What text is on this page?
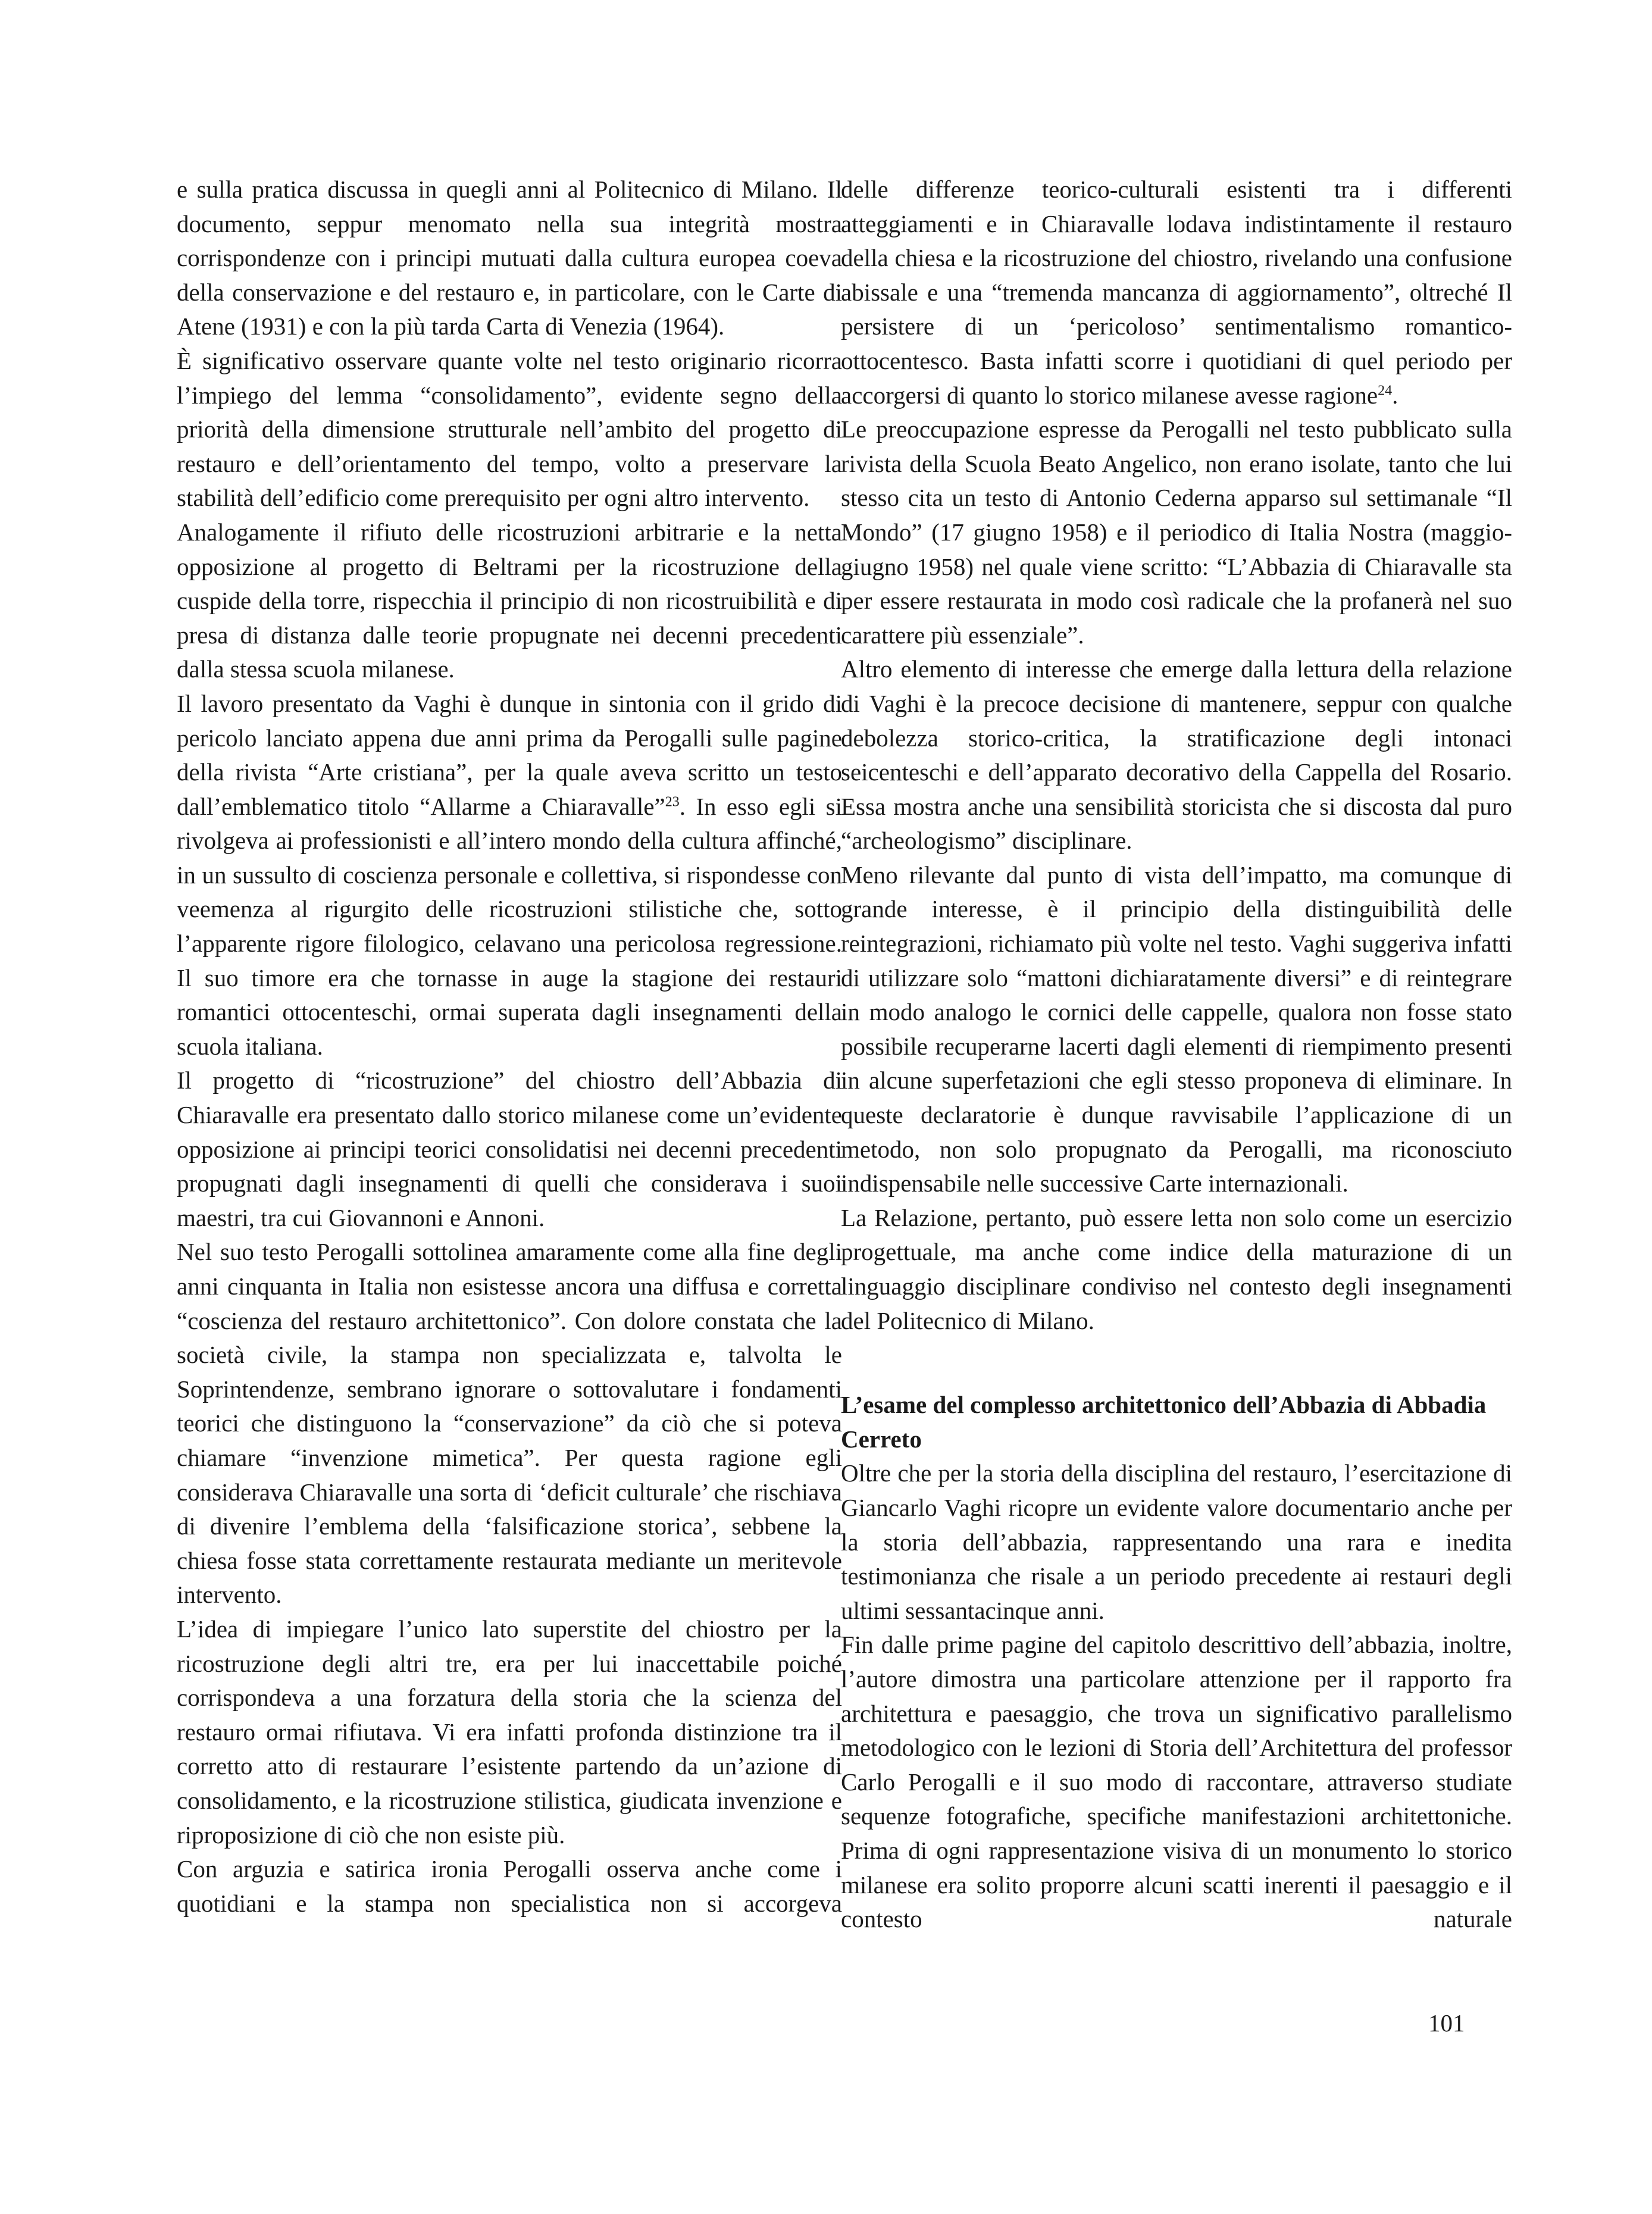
e sulla pratica discussa in quegli anni al Politecnico di Milano. Il documento, seppur menomato nella sua integrità mostra corrispondenze con i principi mutuati dalla cultura europea coeva della conservazione e del restauro e, in particolare, con le Carte di Atene (1931) e con la più tarda Carta di Venezia (1964).

È significativo osservare quante volte nel testo originario ricorra l’impiego del lemma “consolidamento”, evidente segno della priorità della dimensione strutturale nell’ambito del progetto di restauro e dell’orientamento del tempo, volto a preservare la stabilità dell’edificio come prerequisito per ogni altro intervento.

Analogamente il rifiuto delle ricostruzioni arbitrarie e la netta opposizione al progetto di Beltrami per la ricostruzione della cuspide della torre, rispecchia il principio di non ricostruibilità e di presa di distanza dalle teorie propugnate nei decenni precedenti dalla stessa scuola milanese.

Il lavoro presentato da Vaghi è dunque in sintonia con il grido di pericolo lanciato appena due anni prima da Perogalli sulle pagine della rivista “Arte cristiana”, per la quale aveva scritto un testo dall’emblematico titolo “Allarme a Chiaravalle”$^{23}$. In esso egli si rivolgeva ai professionisti e all’intero mondo della cultura affinché, in un sussulto di coscienza personale e collettiva, si rispondesse con veemenza al rigurgito delle ricostruzioni stilistiche che, sotto l’apparente rigore filologico, celavano una pericolosa regressione. Il suo timore era che tornasse in auge la stagione dei restauri romantici ottocenteschi, ormai superata dagli insegnamenti della scuola italiana.

Il progetto di “ricostruzione” del chiostro dell’Abbazia di Chiaravalle era presentato dallo storico milanese come un’evidente opposizione ai principi teorici consolidatisi nei decenni precedenti propugnati dagli insegnamenti di quelli che considerava i suoi maestri, tra cui Giovannoni e Annoni.

Nel suo testo Perogalli sottolinea amaramente come alla fine degli anni cinquanta in Italia non esistesse ancora una diffusa e corretta “coscienza del restauro architettonico”. Con dolore constata che la società civile, la stampa non specializzata e, talvolta le Soprintendenze, sembrano ignorare o sottovalutare i fondamenti teorici che distinguono la “conservazione” da ciò che si poteva chiamare “invenzione mimetica”. Per questa ragione egli considerava Chiaravalle una sorta di ‘deficit culturale’ che rischiava di divenire l’emblema della ‘falsificazione storica’, sebbene la chiesa fosse stata correttamente restaurata mediante un meritevole intervento.

L’idea di impiegare l’unico lato superstite del chiostro per la ricostruzione degli altri tre, era per lui inaccettabile poiché corrispondeva a una forzatura della storia che la scienza del restauro ormai rifiutava. Vi era infatti profonda distinzione tra il corretto atto di restaurare l’esistente partendo da un’azione di consolidamento, e la ricostruzione stilistica, giudicata invenzione e riproposizione di ciò che non esiste più.

Con arguzia e satirica ironia Perogalli osserva anche come i quotidiani e la stampa non specialistica non si accorgeva

delle differenze teorico-culturali esistenti tra i differenti atteggiamenti e in Chiaravalle lodava indistintamente il restauro della chiesa e la ricostruzione del chiostro, rivelando una confusione abissale e una “tremenda mancanza di aggiornamento”, oltreché Il persistere di un ‘pericoloso’ sentimentalismo romantico-ottocentesco. Basta infatti scorre i quotidiani di quel periodo per accorgersi di quanto lo storico milanese avesse ragione$^{24}$.

Le preoccupazione espresse da Perogalli nel testo pubblicato sulla rivista della Scuola Beato Angelico, non erano isolate, tanto che lui stesso cita un testo di Antonio Cederna apparso sul settimanale “Il Mondo” (17 giugno 1958) e il periodico di Italia Nostra (maggio-giugno 1958) nel quale viene scritto: “L’Abbazia di Chiaravalle sta per essere restaurata in modo così radicale che la profanerà nel suo carattere più essenziale”.

Altro elemento di interesse che emerge dalla lettura della relazione di Vaghi è la precoce decisione di mantenere, seppur con qualche debolezza storico-critica, la stratificazione degli intonaci seicenteschi e dell’apparato decorativo della Cappella del Rosario. Essa mostra anche una sensibilità storicista che si discosta dal puro “archeologismo” disciplinare.

Meno rilevante dal punto di vista dell’impatto, ma comunque di grande interesse, è il principio della distinguibilità delle reintegrazioni, richiamato più volte nel testo. Vaghi suggeriva infatti di utilizzare solo “mattoni dichiaratamente diversi” e di reintegrare in modo analogo le cornici delle cappelle, qualora non fosse stato possibile recuperarne lacerti dagli elementi di riempimento presenti in alcune superfetazioni che egli stesso proponeva di eliminare. In queste declaratorie è dunque ravvisabile l’applicazione di un metodo, non solo propugnato da Perogalli, ma riconosciuto indispensabile nelle successive Carte internazionali.

La Relazione, pertanto, può essere letta non solo come un esercizio progettuale, ma anche come indice della maturazione di un linguaggio disciplinare condiviso nel contesto degli insegnamenti del Politecnico di Milano.

L’esame del complesso architettonico dell’Abbazia di Abbadia Cerreto

Oltre che per la storia della disciplina del restauro, l’esercitazione di Giancarlo Vaghi ricopre un evidente valore documentario anche per la storia dell’abbazia, rappresentando una rara e inedita testimonianza che risale a un periodo precedente ai restauri degli ultimi sessantacinque anni.

Fin dalle prime pagine del capitolo descrittivo dell’abbazia, inoltre, l’autore dimostra una particolare attenzione per il rapporto fra architettura e paesaggio, che trova un significativo parallelismo metodologico con le lezioni di Storia dell’Architettura del professor Carlo Perogalli e il suo modo di raccontare, attraverso studiate sequenze fotografiche, specifiche manifestazioni architettoniche. Prima di ogni rappresentazione visiva di un monumento lo storico milanese era solito proporre alcuni scatti inerenti il paesaggio e il contesto naturale

101
